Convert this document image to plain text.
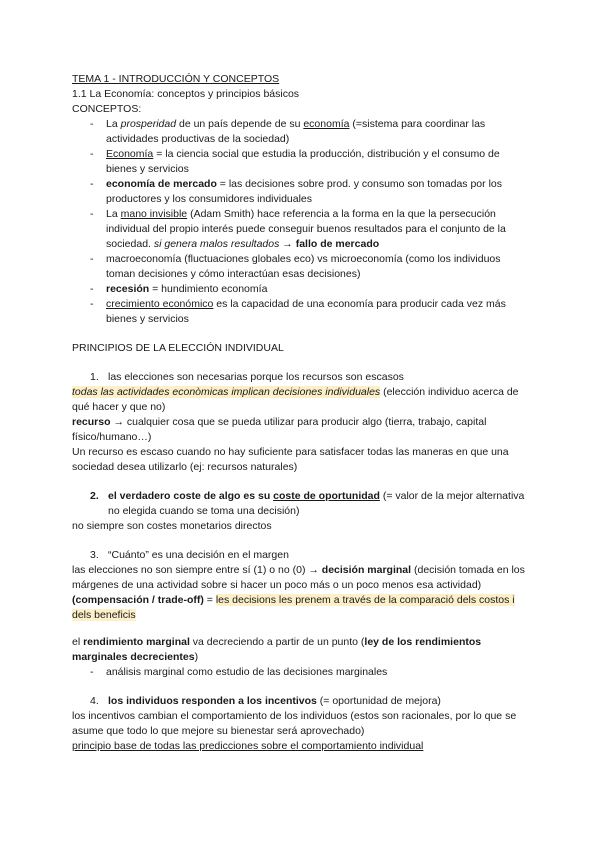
TEMA 1 - INTRODUCCIÓN Y CONCEPTOS
1.1 La Economía: conceptos y principios básicos
CONCEPTOS:
- La prosperidad de un país depende de su economía (=sistema para coordinar las actividades productivas de la sociedad)
- Economía = la ciencia social que estudia la producción, distribución y el consumo de bienes y servicios
- economía de mercado = las decisiones sobre prod. y consumo son tomadas por los productores y los consumidores individuales
- La mano invisible (Adam Smith) hace referencia a la forma en la que la persecución individual del propio interés puede conseguir buenos resultados para el conjunto de la sociedad. si genera malos resultados → fallo de mercado
- macroeconomía (fluctuaciones globales eco) vs microeconomía (como los individuos toman decisiones y cómo interactúan esas decisiones)
- recesión = hundimiento economía
- crecimiento económico es la capacidad de una economía para producir cada vez más bienes y servicios
PRINCIPIOS DE LA ELECCIÓN INDIVIDUAL
1. las elecciones son necesarias porque los recursos son escasos
todas las actividades econòmicas implican decisiones individuales (elección individuo acerca de qué hacer y que no)
recurso → cualquier cosa que se pueda utilizar para producir algo (tierra, trabajo, capital físico/humano…)
Un recurso es escaso cuando no hay suficiente para satisfacer todas las maneras en que una sociedad desea utilizarlo (ej: recursos naturales)
2. el verdadero coste de algo es su coste de oportunidad (= valor de la mejor alternativa no elegida cuando se toma una decisión)
no siempre son costes monetarios directos
3. “Cuánto” es una decisión en el margen
las elecciones no son siempre entre sí (1) o no (0) → decisión marginal (decisión tomada en los márgenes de una actividad sobre si hacer un poco más o un poco menos esa actividad)
(compensación / trade-off) = les decisions les prenem a través de la comparació dels costos i dels beneficis
el rendimiento marginal va decreciendo a partir de un punto (ley de los rendimientos marginales decrecientes)
- análisis marginal como estudio de las decisiones marginales
4. los individuos responden a los incentivos (= oportunidad de mejora)
los incentivos cambian el comportamiento de los individuos (estos son racionales, por lo que se asume que todo lo que mejore su bienestar será aprovechado)
principio base de todas las predicciones sobre el comportamiento individual
